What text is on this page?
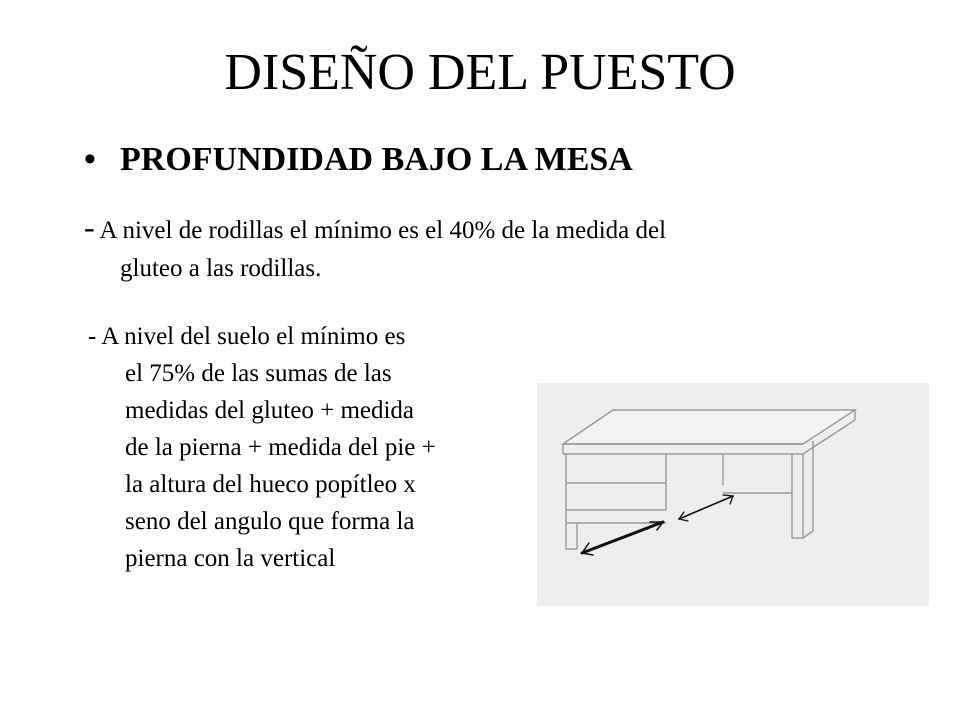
DISEÑO DEL PUESTO
• PROFUNDIDAD BAJO LA MESA
- A nivel de rodillas el mínimo es el 40% de la medida del
gluteo a las rodillas.
- A nivel del suelo el mínimo es
el 75% de las sumas de las
medidas del gluteo + medida
de la pierna + medida del pie +
la altura del hueco popítleo x
seno del angulo que forma la
pierna con la vertical
·
